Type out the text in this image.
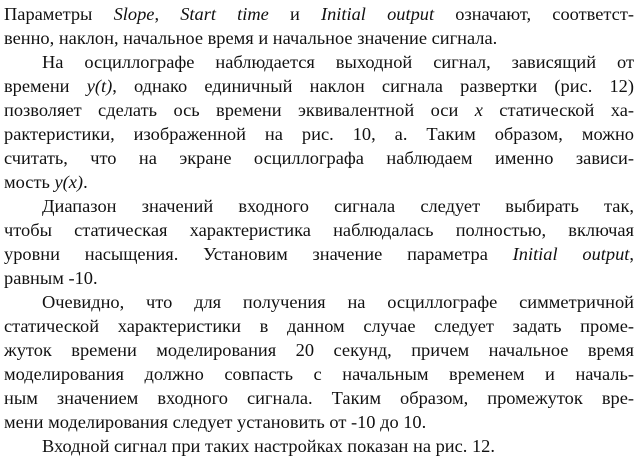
Параметры Slope, Start time и Initial output означают, соответст-
венно, наклон, начальное время и начальное значение сигнала.
На осциллографе наблюдается выходной сигнал, зависящий от
времени y(t), однако единичный наклон сигнала развертки (рис. 12)
позволяет сделать ось времени эквивалентной оси x статической ха-
рактеристики, изображенной на рис. 10, а. Таким образом, можно
считать, что на экране осциллографа наблюдаем именно зависи-
мость y(x).
Диапазон значений входного сигнала следует выбирать так,
чтобы статическая характеристика наблюдалась полностью, включая
уровни насыщения. Установим значение параметра Initial output,
равным -10.
Очевидно, что для получения на осциллографе симметричной
статической характеристики в данном случае следует задать проме-
жуток времени моделирования 20 секунд, причем начальное время
моделирования должно совпасть с начальным временем и началь-
ным значением входного сигнала. Таким образом, промежуток вре-
мени моделирования следует установить от -10 до 10.
Входной сигнал при таких настройках показан на рис. 12.
